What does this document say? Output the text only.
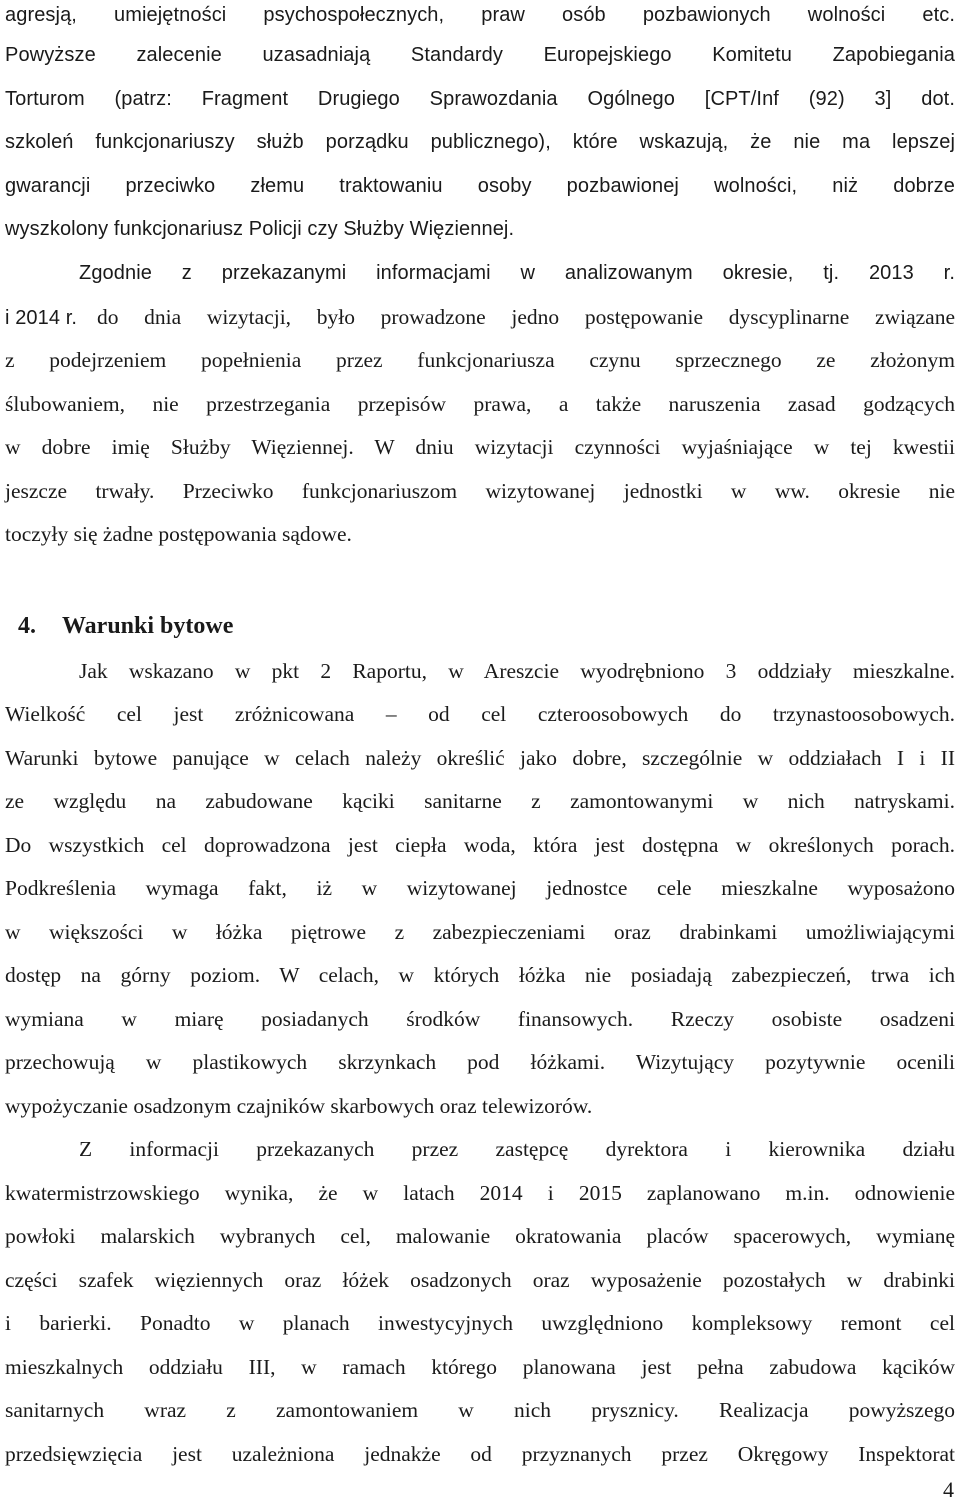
agresją, umiejętności psychospołecznych, praw osób pozbawionych wolności etc.
Powyższe zalecenie uzasadniają Standardy Europejskiego Komitetu Zapobiegania
Torturom (patrz: Fragment Drugiego Sprawozdania Ogólnego [CPT/Inf (92) 3] dot.
szkoleń funkcjonariuszy służb porządku publicznego), które wskazują, że nie ma lepszej
gwarancji przeciwko złemu traktowaniu osoby pozbawionej wolności, niż dobrze
wyszkolony funkcjonariusz Policji czy Służby Więziennej.
Zgodnie z przekazanymi informacjami w analizowanym okresie, tj. 2013 r.
i 2014 r. do dnia wizytacji, było prowadzone jedno postępowanie dyscyplinarne związane
z podejrzeniem popełnienia przez funkcjonariusza czynu sprzecznego ze złożonym
ślubowaniem, nie przestrzegania przepisów prawa, a także naruszenia zasad godzących
w dobre imię Służby Więziennej. W dniu wizytacji czynności wyjaśniające w tej kwestii
jeszcze trwały. Przeciwko funkcjonariuszom wizytowanej jednostki w ww. okresie nie
toczyły się żadne postępowania sądowe.
4. Warunki bytowe
Jak wskazano w pkt 2 Raportu, w Areszcie wyodrębniono 3 oddziały mieszkalne.
Wielkość cel jest zróżnicowana – od cel czteroosobowych do trzynastoosobowych.
Warunki bytowe panujące w celach należy określić jako dobre, szczególnie w oddziałach I i II
ze względu na zabudowane kąciki sanitarne z zamontowanymi w nich natryskami.
Do wszystkich cel doprowadzona jest ciepła woda, która jest dostępna w określonych porach.
Podkreślenia wymaga fakt, iż w wizytowanej jednostce cele mieszkalne wyposażono
w większości w łóżka piętrowe z zabezpieczeniami oraz drabinkami umożliwiającymi
dostęp na górny poziom. W celach, w których łóżka nie posiadają zabezpieczeń, trwa ich
wymiana w miarę posiadanych środków finansowych. Rzeczy osobiste osadzeni
przechowują w plastikowych skrzynkach pod łóżkami. Wizytujący pozytywnie ocenili
wypożyczanie osadzonym czajników skarbowych oraz telewizorów.
Z informacji przekazanych przez zastępcę dyrektora i kierownika działu
kwatermistrzowskiego wynika, że w latach 2014 i 2015 zaplanowano m.in. odnowienie
powłoki malarskich wybranych cel, malowanie okratowania placów spacerowych, wymianę
części szafek więziennych oraz łóżek osadzonych oraz wyposażenie pozostałych w drabinki
i barierki. Ponadto w planach inwestycyjnych uwzględniono kompleksowy remont cel
mieszkalnych oddziału III, w ramach którego planowana jest pełna zabudowa kącików
sanitarnych wraz z zamontowaniem w nich prysznicy. Realizacja powyższego
przedsięwzięcia jest uzależniona jednakże od przyznanych przez Okręgowy Inspektorat
4
